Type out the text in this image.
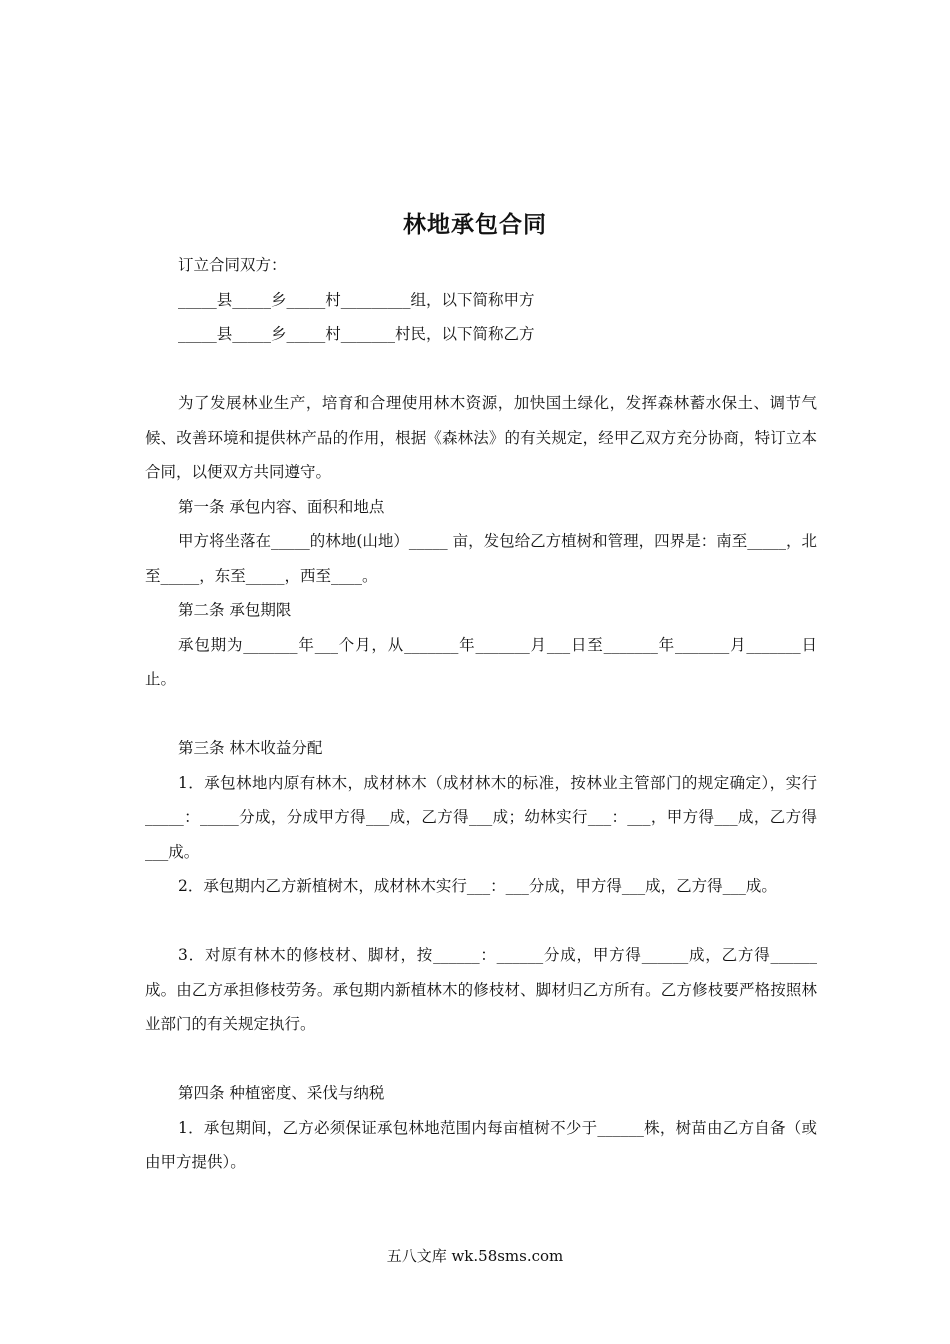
林地承包合同

订立合同双方：

_____县_____乡_____村_________组，以下简称甲方

_____县_____乡_____村_______村民，以下简称乙方

为了发展林业生产，培育和合理使用林木资源，加快国土绿化，发挥森林蓄水保土、调节气候、改善环境和提供林产品的作用，根据《森林法》的有关规定，经甲乙双方充分协商，特订立本合同，以便双方共同遵守。

第一条 承包内容、面积和地点

甲方将坐落在_____的林地(山地）_____ 亩，发包给乙方植树和管理，四界是：南至_____，北至_____，东至_____，西至____。

第二条 承包期限

承包期为_______年___个月，从_______年_______月___日至_______年_______月_______日止。

第三条 林木收益分配

1．承包林地内原有林木，成材林木（成材林木的标准，按林业主管部门的规定确定），实行_____：_____分成，分成甲方得___成，乙方得___成；幼林实行___：___，甲方得___成，乙方得___成。

2．承包期内乙方新植树木，成材林木实行___：___分成，甲方得___成，乙方得___成。

3．对原有林木的修枝材、脚材，按______：______分成，甲方得______成，乙方得______成。由乙方承担修枝劳务。承包期内新植林木的修枝材、脚材归乙方所有。乙方修枝要严格按照林业部门的有关规定执行。

第四条 种植密度、采伐与纳税

1．承包期间，乙方必须保证承包林地范围内每亩植树不少于______株，树苗由乙方自备（或由甲方提供）。

五八文库 wk.58sms.com
